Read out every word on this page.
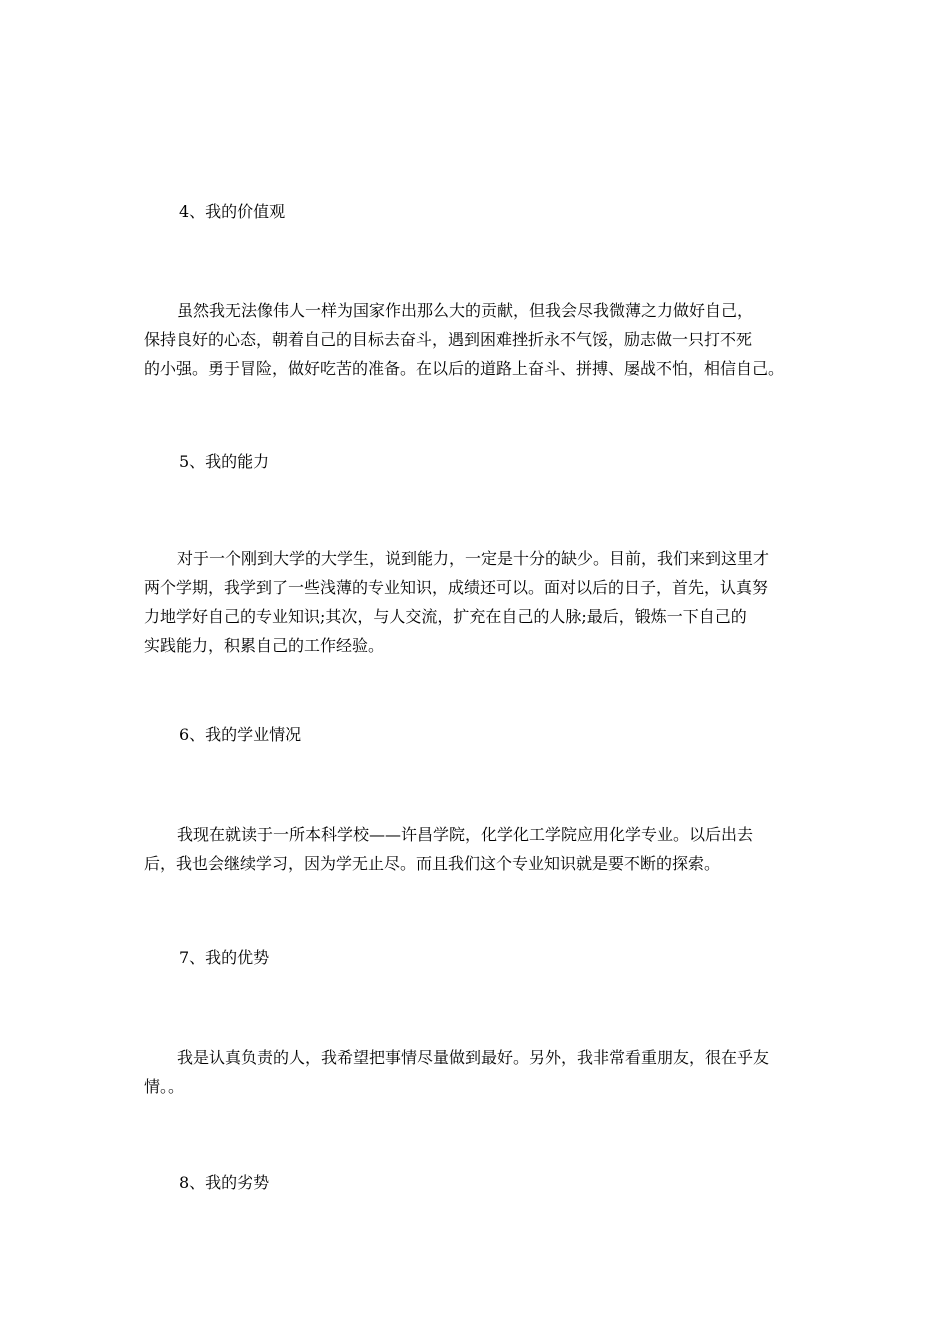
4、我的价值观

虽然我无法像伟人一样为国家作出那么大的贡献，但我会尽我微薄之力做好自己，
保持良好的心态，朝着自己的目标去奋斗，遇到困难挫折永不气馁，励志做一只打不死
的小强。勇于冒险，做好吃苦的准备。在以后的道路上奋斗、拼搏、屡战不怕，相信自己。

5、我的能力

对于一个刚到大学的大学生，说到能力，一定是十分的缺少。目前，我们来到这里才
两个学期，我学到了一些浅薄的专业知识，成绩还可以。面对以后的日子，首先，认真努
力地学好自己的专业知识;其次，与人交流，扩充在自己的人脉;最后，锻炼一下自己的
实践能力，积累自己的工作经验。

6、我的学业情况

我现在就读于一所本科学校——许昌学院，化学化工学院应用化学专业。以后出去
后，我也会继续学习，因为学无止尽。而且我们这个专业知识就是要不断的探索。

7、我的优势

我是认真负责的人，我希望把事情尽量做到最好。另外，我非常看重朋友，很在乎友
情。。

8、我的劣势
